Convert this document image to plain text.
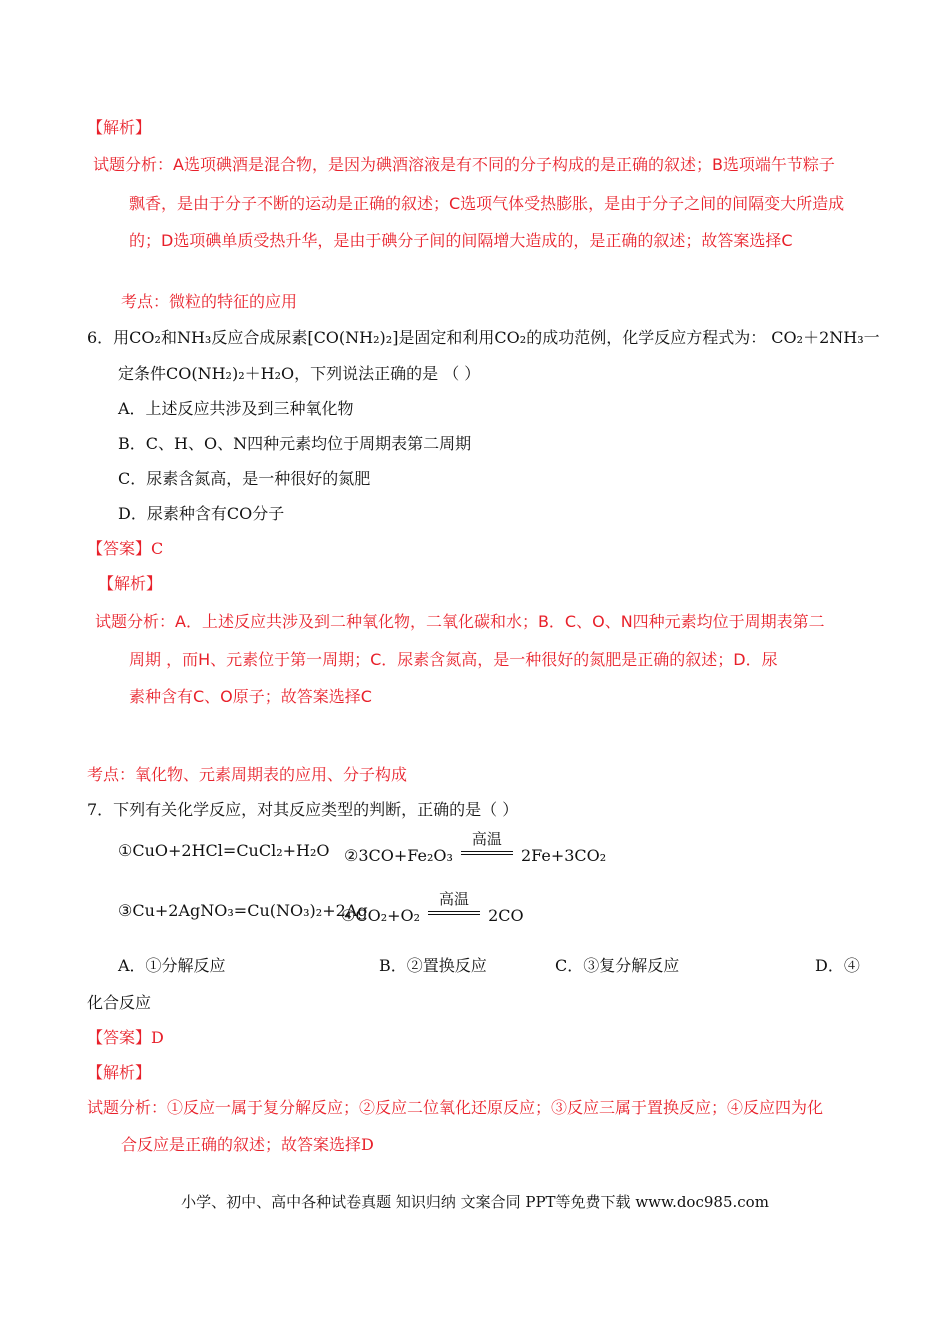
【解析】
试题分析：A选项碘酒是混合物，是因为碘酒溶液是有不同的分子构成的是正确的叙述；B选项端午节粽子
飘香，是由于分子不断的运动是正确的叙述；C选项气体受热膨胀，是由于分子之间的间隔变大所造成
的；D选项碘单质受热升华，是由于碘分子间的间隔增大造成的，是正确的叙述；故答案选择C
考点：微粒的特征的应用
6．用CO₂和NH₃反应合成尿素[CO(NH₂)₂]是固定和利用CO₂的成功范例，化学反应方程式为： CO₂＋2NH₃一
定条件CO(NH₂)₂＋H₂O，下列说法正确的是 （ ）
A．上述反应共涉及到三种氧化物
B．C、H、O、N四种元素均位于周期表第二周期
C．尿素含氮高，是一种很好的氮肥
D．尿素种含有CO分子
【答案】C
【解析】
试题分析：A．上述反应共涉及到二种氧化物，二氧化碳和水；B．C、O、N四种元素均位于周期表第二
周期 ，而H、元素位于第一周期；C．尿素含氮高，是一种很好的氮肥是正确的叙述；D．尿
素种含有C、O原子；故答案选择C
考点：氧化物、元素周期表的应用、分子构成
7．下列有关化学反应，对其反应类型的判断，正确的是（ ）
①CuO+2HCl=CuCl₂+H₂O ②3CO+Fe₂O₃
高温
2Fe+3CO₂
③Cu+2AgNO₃=Cu(NO₃)₂+2Ag
④CO₂+O₂
高温
2CO
A．①分解反应	B．②置换反应	C．③复分解反应	D．④
化合反应
【答案】D
【解析】
试题分析：①反应一属于复分解反应；②反应二位氧化还原反应；③反应三属于置换反应；④反应四为化
合反应是正确的叙述；故答案选择D
小学、初中、高中各种试卷真题 知识归纳 文案合同 PPT等免费下载 www.doc985.com
